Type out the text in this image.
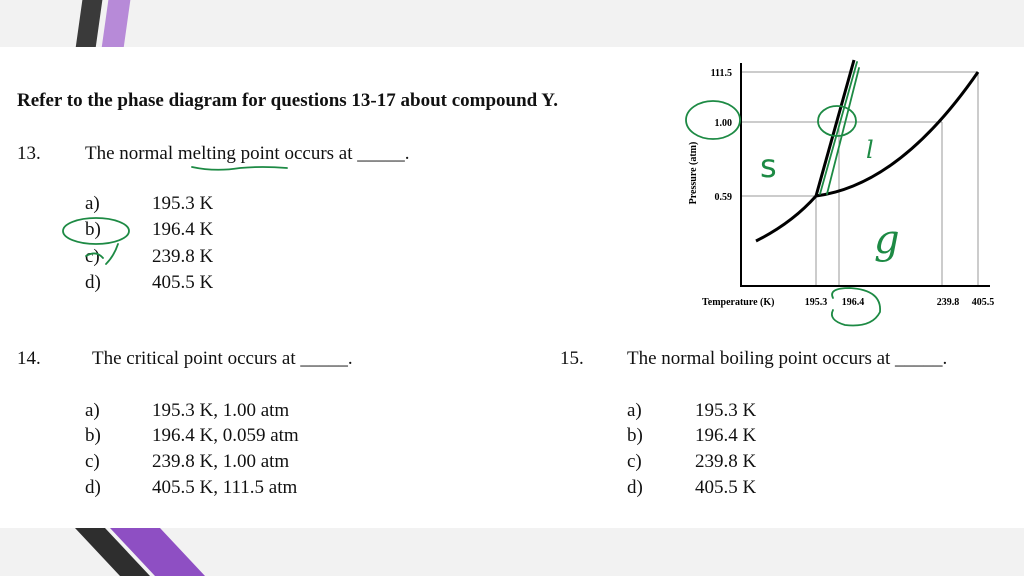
Refer to the phase diagram for questions 13-17 about compound Y.
13. The normal melting point occurs at _____.
a)	195.3 K
b)	196.4 K
c)	239.8 K
d)	405.5 K
14.	The critical point occurs at _____.
a)	195.3 K, 1.00 atm
b)	196.4 K, 0.059 atm
c)	239.8 K, 1.00 atm
d)	405.5 K, 111.5 atm
15. The normal boiling point occurs at _____.
a)	195.3 K
b)	196.4 K
c)	239.8 K
d)	405.5 K
111.5
1.00
0.59
Pressure (atm)
Temperature (K)	195.3 196.4	239.8 405.5
s	l
g
